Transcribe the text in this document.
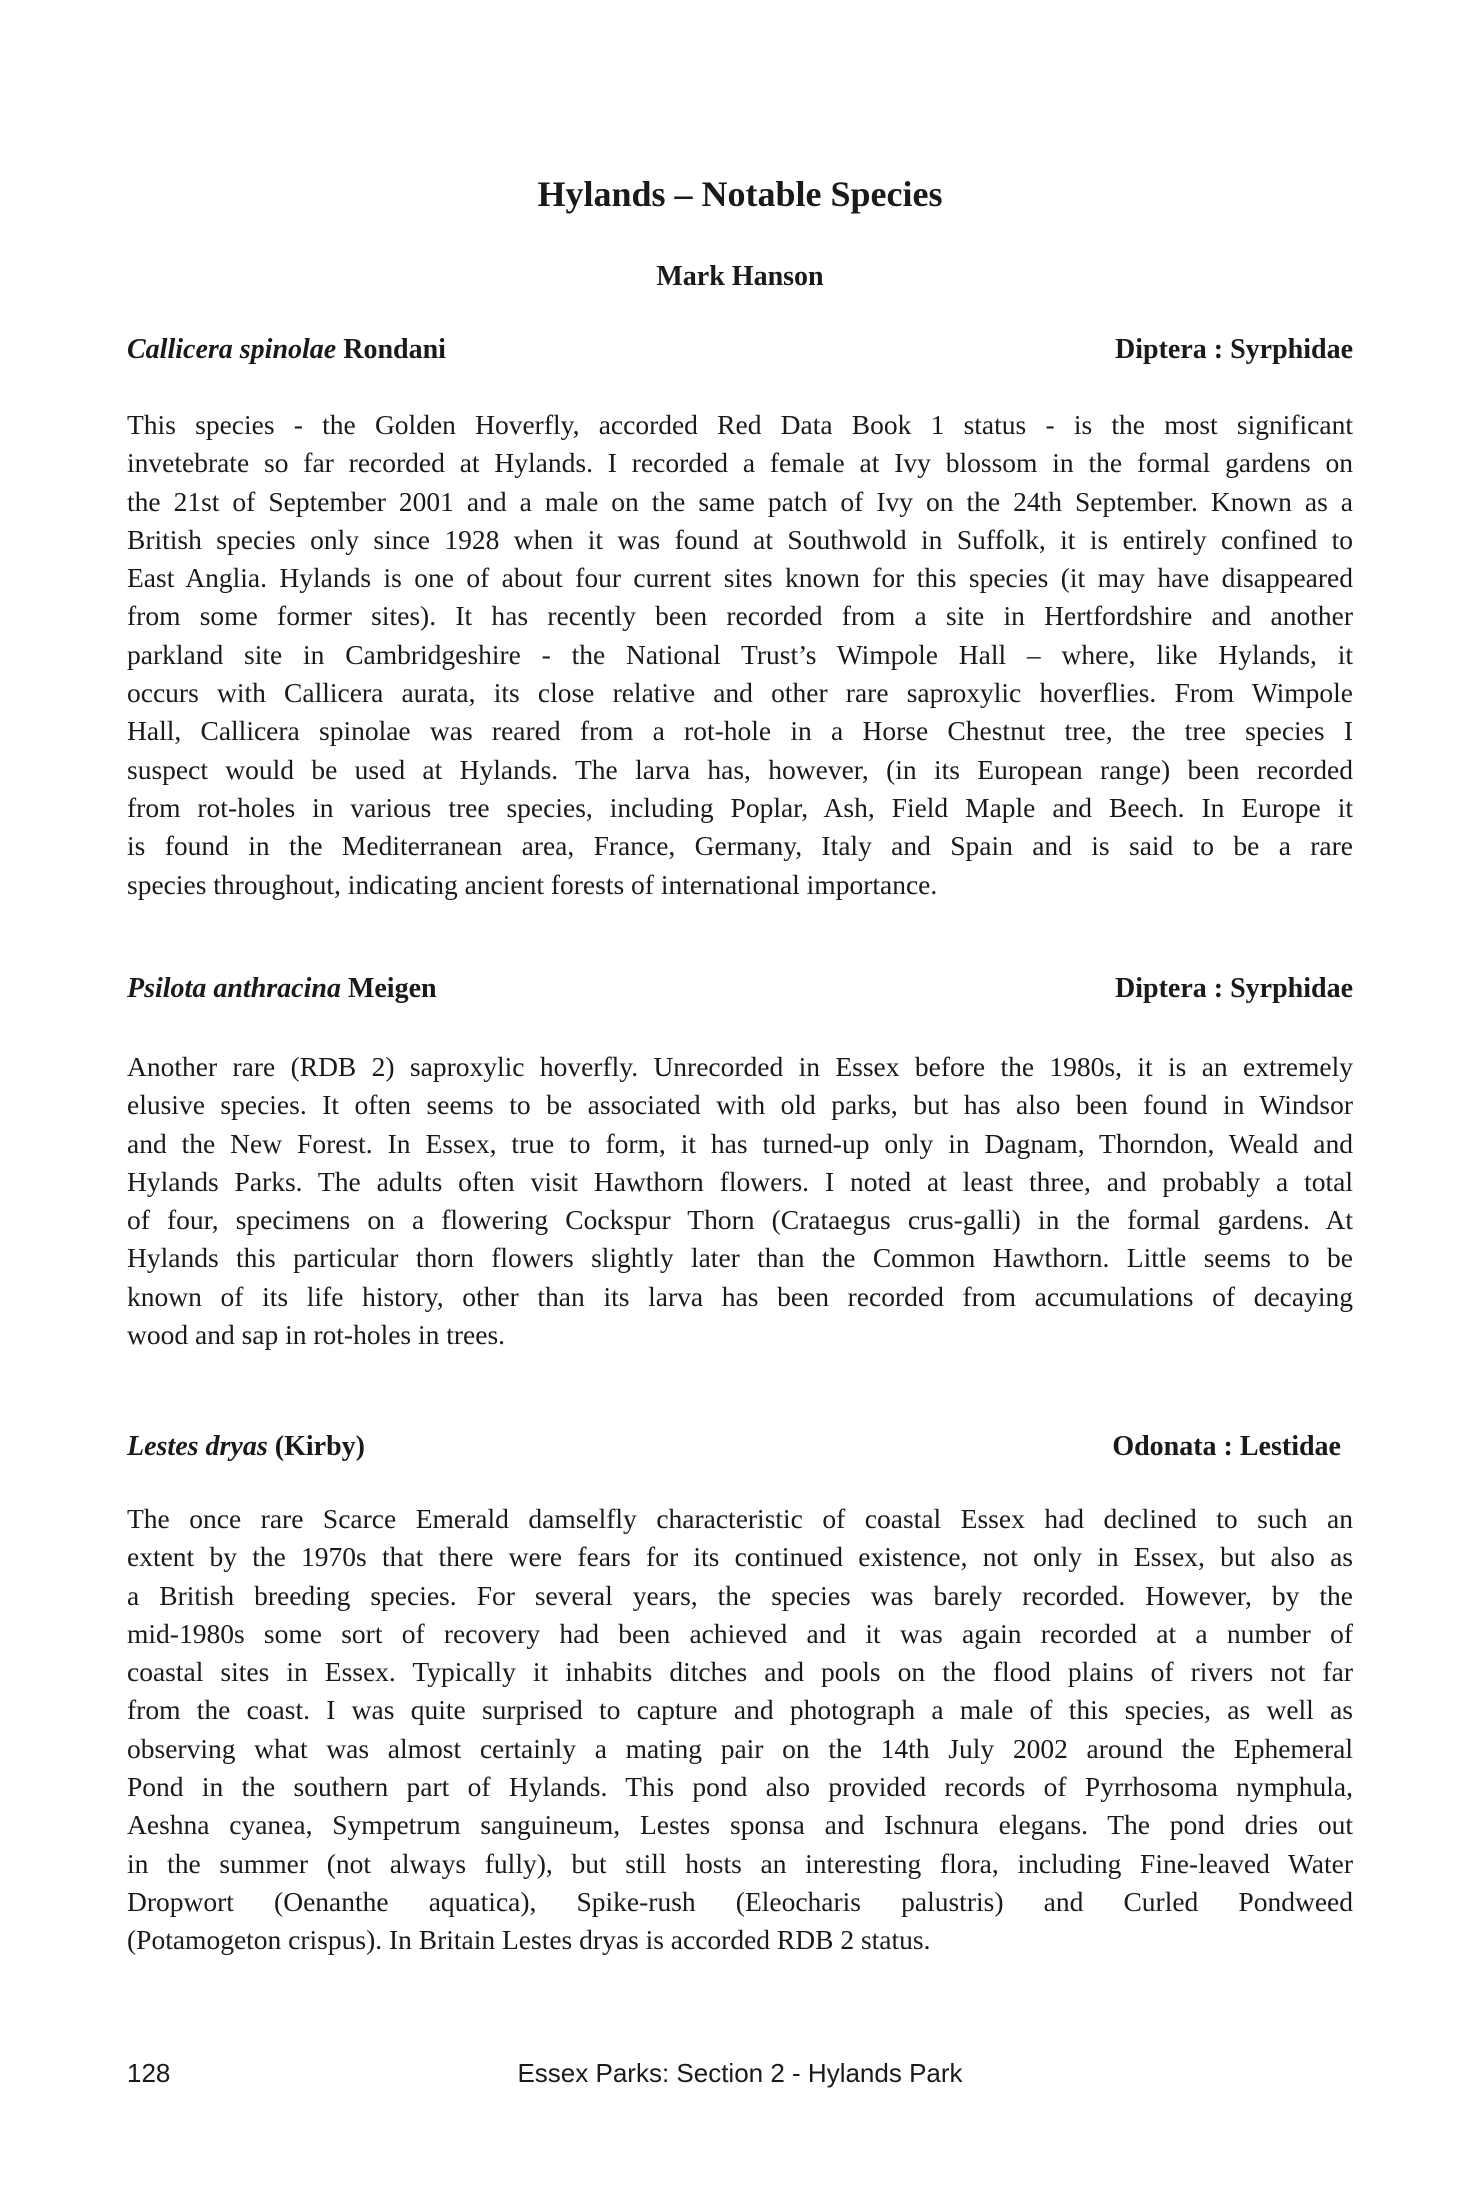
Hylands – Notable Species
Mark Hanson
Callicera spinolae Rondani	Diptera : Syrphidae
This species - the Golden Hoverfly, accorded Red Data Book 1 status - is the most significant
invetebrate so far recorded at Hylands. I recorded a female at Ivy blossom in the formal gardens on
the 21st of September 2001 and a male on the same patch of Ivy on the 24th September. Known as a
British species only since 1928 when it was found at Southwold in Suffolk, it is entirely confined to
East Anglia. Hylands is one of about four current sites known for this species (it may have disappeared
from some former sites). It has recently been recorded from a site in Hertfordshire and another
parkland site in Cambridgeshire - the National Trust’s Wimpole Hall – where, like Hylands, it
occurs with Callicera aurata, its close relative and other rare saproxylic hoverflies. From Wimpole
Hall, Callicera spinolae was reared from a rot-hole in a Horse Chestnut tree, the tree species I
suspect would be used at Hylands. The larva has, however, (in its European range) been recorded
from rot-holes in various tree species, including Poplar, Ash, Field Maple and Beech. In Europe it
is found in the Mediterranean area, France, Germany, Italy and Spain and is said to be a rare
species throughout, indicating ancient forests of international importance.
Psilota anthracina Meigen	Diptera : Syrphidae
Another rare (RDB 2) saproxylic hoverfly. Unrecorded in Essex before the 1980s, it is an extremely
elusive species. It often seems to be associated with old parks, but has also been found in Windsor
and the New Forest. In Essex, true to form, it has turned-up only in Dagnam, Thorndon, Weald and
Hylands Parks. The adults often visit Hawthorn flowers. I noted at least three, and probably a total
of four, specimens on a flowering Cockspur Thorn (Crataegus crus-galli) in the formal gardens. At
Hylands this particular thorn flowers slightly later than the Common Hawthorn. Little seems to be
known of its life history, other than its larva has been recorded from accumulations of decaying
wood and sap in rot-holes in trees.
Lestes dryas (Kirby)	Odonata : Lestidae
The once rare Scarce Emerald damselfly characteristic of coastal Essex had declined to such an
extent by the 1970s that there were fears for its continued existence, not only in Essex, but also as
a British breeding species. For several years, the species was barely recorded. However, by the
mid-1980s some sort of recovery had been achieved and it was again recorded at a number of
coastal sites in Essex. Typically it inhabits ditches and pools on the flood plains of rivers not far
from the coast. I was quite surprised to capture and photograph a male of this species, as well as
observing what was almost certainly a mating pair on the 14th July 2002 around the Ephemeral
Pond in the southern part of Hylands. This pond also provided records of Pyrrhosoma nymphula,
Aeshna cyanea, Sympetrum sanguineum, Lestes sponsa and Ischnura elegans. The pond dries out
in the summer (not always fully), but still hosts an interesting flora, including Fine-leaved Water
Dropwort (Oenanthe aquatica), Spike-rush (Eleocharis palustris) and Curled Pondweed
(Potamogeton crispus). In Britain Lestes dryas is accorded RDB 2 status.
128	Essex Parks: Section 2 - Hylands Park
